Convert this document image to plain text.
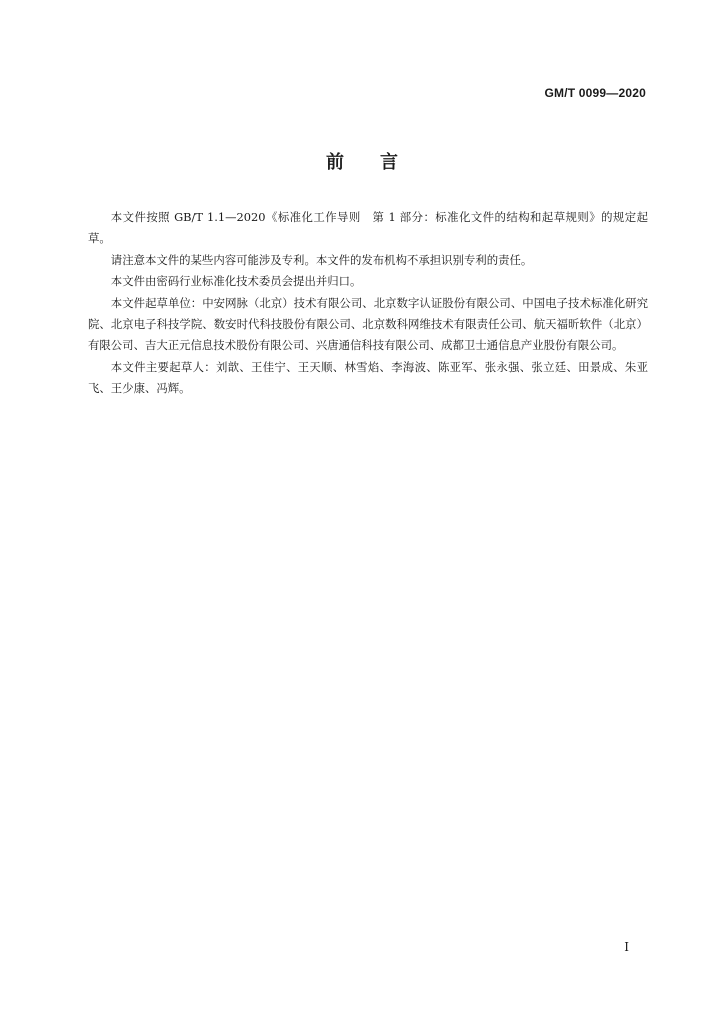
GM/T 0099—2020
前言

本文件按照 GB/T 1.1—2020《标准化工作导则　第 1 部分：标准化文件的结构和起草规则》的规定起草。

请注意本文件的某些内容可能涉及专利。本文件的发布机构不承担识别专利的责任。

本文件由密码行业标准化技术委员会提出并归口。

本文件起草单位：中安网脉（北京）技术有限公司、北京数字认证股份有限公司、中国电子技术标准化研究院、北京电子科技学院、数安时代科技股份有限公司、北京数科网维技术有限责任公司、航天福昕软件（北京）有限公司、吉大正元信息技术股份有限公司、兴唐通信科技有限公司、成都卫士通信息产业股份有限公司。

本文件主要起草人：刘歆、王佳宁、王天顺、林雪焰、李海波、陈亚军、张永强、张立廷、田景成、朱亚飞、王少康、冯辉。

I
